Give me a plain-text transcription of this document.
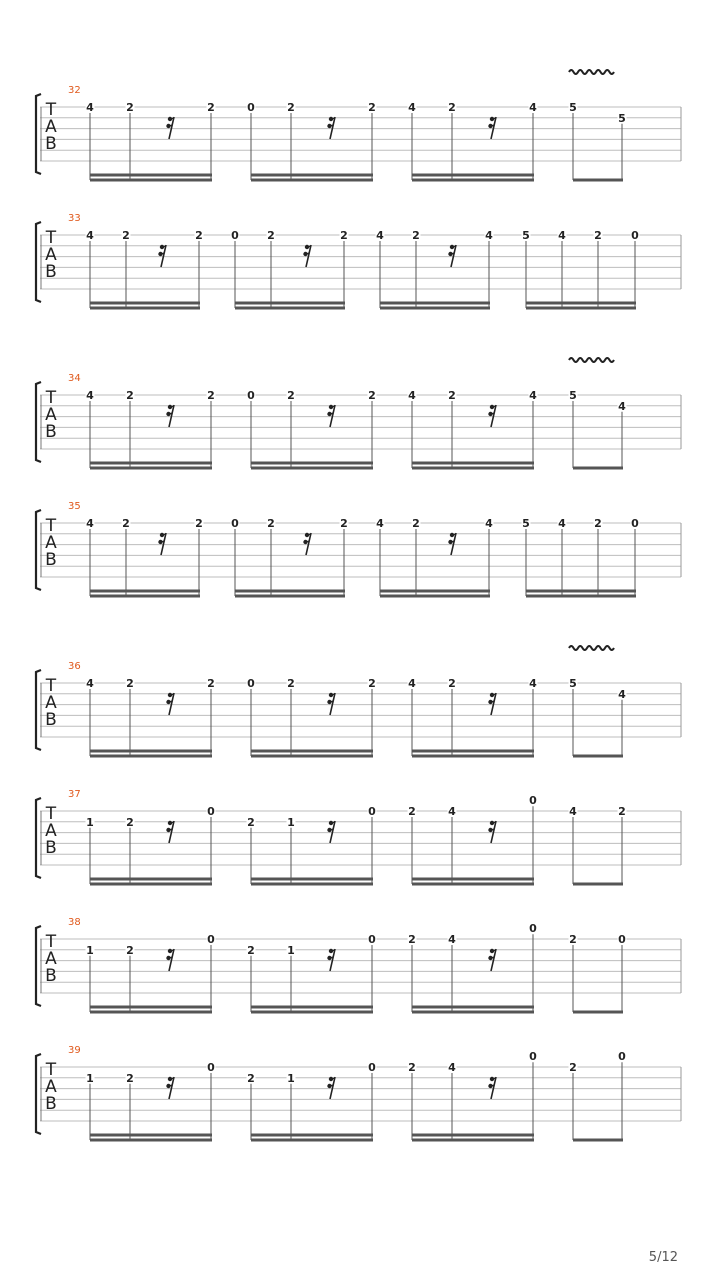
T
A
B
32
4	2	2	0	2	2	4	2	4	5
5
T
A
B
33
4	2	2	0	2	2	4	2	4	5	4	2	0
T
A
B
34
4	2	2	0	2	2	4	2	4	5
4
T
A
B
35
4	2	2	0	2	2	4	2	4	5	4	2	0
T
A
B
36
4	2	2	0	2	2	4	2	4	5
4
T
A
B
37
1	2
0
2	1
0	2	4
0
4	2
T
A
B
38
1	2
0
2	1
0	2	4
0
2	0
T
A
B
39
1	2
0
2	1
0	2	4
0
2
0
5/12
